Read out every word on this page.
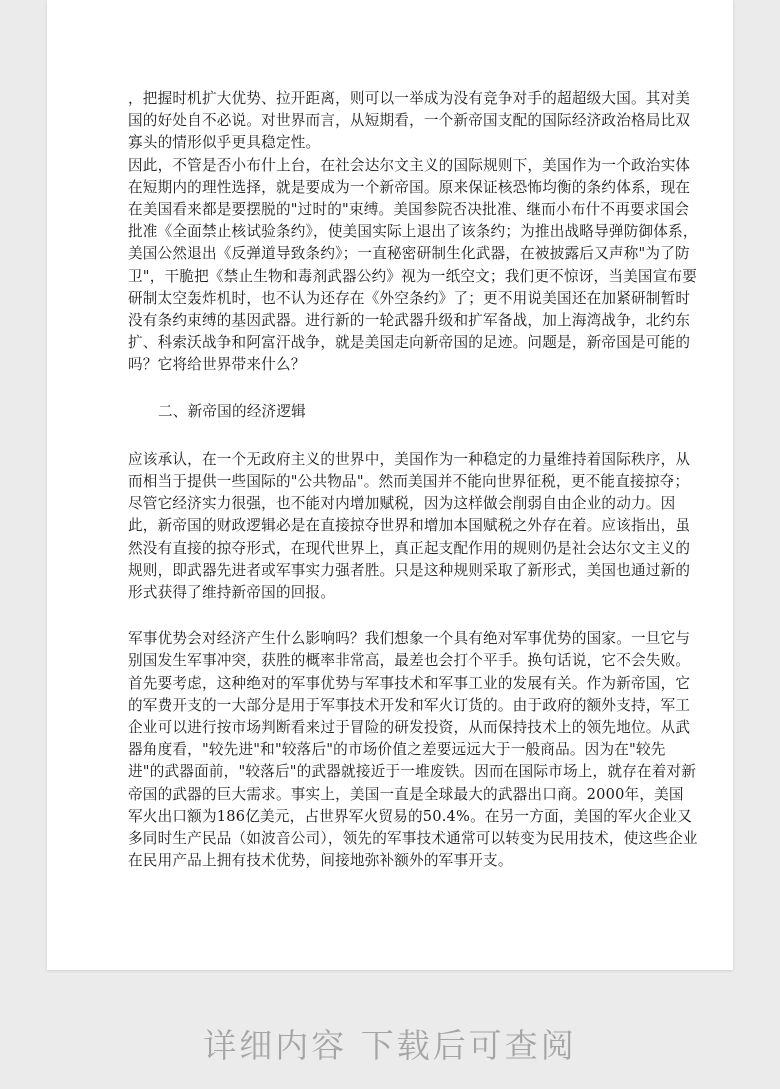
，把握时机扩大优势、拉开距离，则可以一举成为没有竞争对手的超超级大国。其对美国的好处自不必说。对世界而言，从短期看，一个新帝国支配的国际经济政治格局比双寡头的情形似乎更具稳定性。

因此，不管是否小布什上台，在社会达尔文主义的国际规则下，美国作为一个政治实体在短期内的理性选择，就是要成为一个新帝国。原来保证核恐怖均衡的条约体系，现在在美国看来都是要摆脱的"过时的"束缚。美国参院否决批准、继而小布什不再要求国会批准《全面禁止核试验条约》，使美国实际上退出了该条约；为推出战略导弹防御体系，美国公然退出《反弹道导致条约》；一直秘密研制生化武器，在被披露后又声称"为了防卫"，干脆把《禁止生物和毒剂武器公约》视为一纸空文；我们更不惊讶，当美国宣布要研制太空轰炸机时，也不认为还存在《外空条约》了；更不用说美国还在加紧研制暂时没有条约束缚的基因武器。进行新的一轮武器升级和扩军备战，加上海湾战争，北约东扩、科索沃战争和阿富汗战争，就是美国走向新帝国的足迹。问题是，新帝国是可能的吗？它将给世界带来什么？

二、新帝国的经济逻辑

应该承认，在一个无政府主义的世界中，美国作为一种稳定的力量维持着国际秩序，从而相当于提供一些国际的"公共物品"。然而美国并不能向世界征税，更不能直接掠夺；尽管它经济实力很强，也不能对内增加赋税，因为这样做会削弱自由企业的动力。因此，新帝国的财政逻辑必是在直接掠夺世界和增加本国赋税之外存在着。应该指出，虽然没有直接的掠夺形式，在现代世界上，真正起支配作用的规则仍是社会达尔文主义的规则，即武器先进者或军事实力强者胜。只是这种规则采取了新形式，美国也通过新的形式获得了维持新帝国的回报。

军事优势会对经济产生什么影响吗？我们想象一个具有绝对军事优势的国家。一旦它与别国发生军事冲突，获胜的概率非常高，最差也会打个平手。换句话说，它不会失败。首先要考虑，这种绝对的军事优势与军事技术和军事工业的发展有关。作为新帝国，它的军费开支的一大部分是用于军事技术开发和军火订货的。由于政府的额外支持，军工企业可以进行按市场判断看来过于冒险的研发投资，从而保持技术上的领先地位。从武器角度看，"较先进"和"较落后"的市场价值之差要远远大于一般商品。因为在"较先进"的武器面前，"较落后"的武器就接近于一堆废铁。因而在国际市场上，就存在着对新帝国的武器的巨大需求。事实上，美国一直是全球最大的武器出口商。2000年，美国军火出口额为186亿美元，占世界军火贸易的50.4%。在另一方面，美国的军火企业又多同时生产民品（如波音公司），领先的军事技术通常可以转变为民用技术，使这些企业在民用产品上拥有技术优势，间接地弥补额外的军事开支。

详细内容 下载后可查阅
